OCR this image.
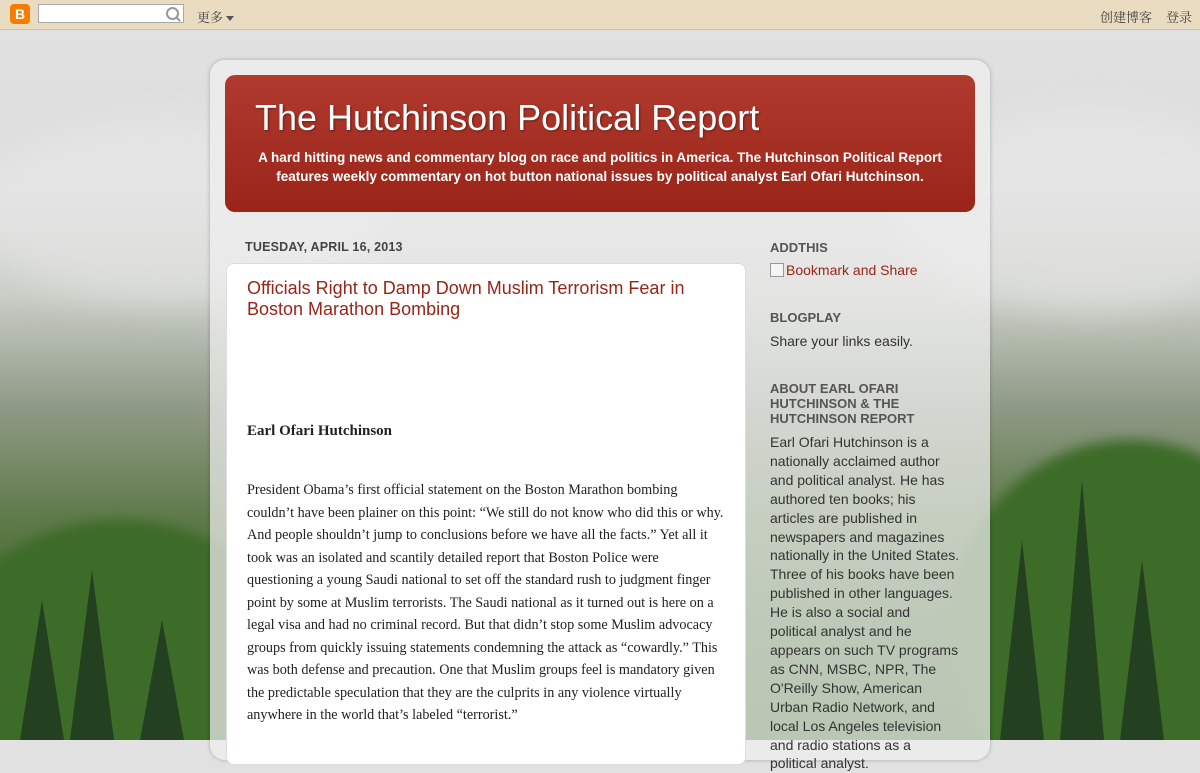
B	更多	创建博客 登录
The Hutchinson Political Report
A hard hitting news and commentary blog on race and politics in America. The Hutchinson Political Report features weekly commentary on hot button national issues by political analyst Earl Ofari Hutchinson.
TUESDAY, APRIL 16, 2013
Officials Right to Damp Down Muslim Terrorism Fear in Boston Marathon Bombing
Earl Ofari Hutchinson
President Obama’s first official statement on the Boston Marathon bombing couldn’t have been plainer on this point: “We still do not know who did this or why. And people shouldn’t jump to conclusions before we have all the facts.” Yet all it took was an isolated and scantily detailed report that Boston Police were questioning a young Saudi national to set off the standard rush to judgment finger point by some at Muslim terrorists. The Saudi national as it turned out is here on a legal visa and had no criminal record. But that didn’t stop some Muslim advocacy groups from quickly issuing statements condemning the attack as “cowardly.” This was both defense and precaution. One that Muslim groups feel is mandatory given the predictable speculation that they are the culprits in any violence virtually anywhere in the world that’s labeled “terrorist.”
ADDTHIS
Bookmark and Share
BLOGPLAY

Share your links easily.

ABOUT EARL OFARI HUTCHINSON & THE HUTCHINSON REPORT

Earl Ofari Hutchinson is a nationally acclaimed author and political analyst. He has authored ten books; his articles are published in newspapers and magazines nationally in the United States. Three of his books have been published in other languages. He is also a social and political analyst and he appears on such TV programs as CNN, MSBC, NPR, The O'Reilly Show, American Urban Radio Network, and local Los Angeles television and radio stations as a political analyst.
